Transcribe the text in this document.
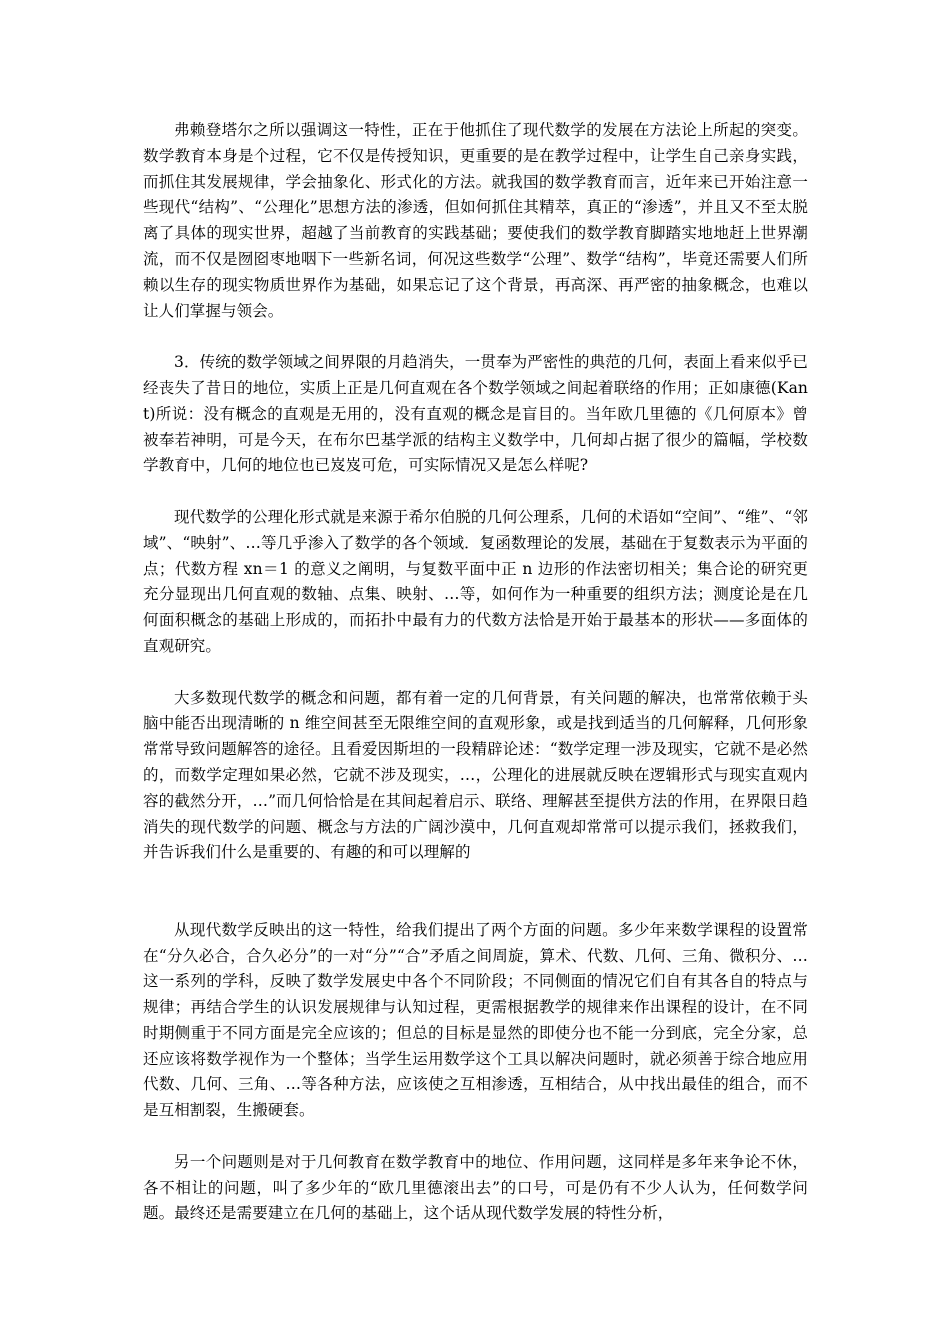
弗赖登塔尔之所以强调这一特性，正在于他抓住了现代数学的发展在方法论上所起的突变。数学教育本身是个过程，它不仅是传授知识，更重要的是在教学过程中，让学生自己亲身实践，而抓住其发展规律，学会抽象化、形式化的方法。就我国的数学教育而言，近年来已开始注意一些现代“结构”、“公理化”思想方法的渗透，但如何抓住其精萃，真正的“渗透”，并且又不至太脱离了具体的现实世界，超越了当前教育的实践基础；要使我们的数学教育脚踏实地地赶上世界潮流，而不仅是囫囵枣地咽下一些新名词，何况这些数学“公理”、数学“结构”，毕竟还需要人们所赖以生存的现实物质世界作为基础，如果忘记了这个背景，再高深、再严密的抽象概念，也难以让人们掌握与领会。

3．传统的数学领域之间界限的月趋消失，一贯奉为严密性的典范的几何，表面上看来似乎已经丧失了昔日的地位，实质上正是几何直观在各个数学领域之间起着联络的作用；正如康德(Kant)所说：没有概念的直观是无用的，没有直观的概念是盲目的。当年欧几里德的《几何原本》曾被奉若神明，可是今天，在布尔巴基学派的结构主义数学中，几何却占据了很少的篇幅，学校数学教育中，几何的地位也已岌岌可危，可实际情况又是怎么样呢?

现代数学的公理化形式就是来源于希尔伯脱的几何公理系，几何的术语如“空间”、“维”、“邻域”、“映射”、…等几乎渗入了数学的各个领域．复函数理论的发展，基础在于复数表示为平面的点；代数方程 xn＝1 的意义之阐明，与复数平面中正 n 边形的作法密切相关；集合论的研究更充分显现出几何直观的数轴、点集、映射、…等，如何作为一种重要的组织方法；测度论是在几何面积概念的基础上形成的，而拓扑中最有力的代数方法恰是开始于最基本的形状——多面体的直观研究。

大多数现代数学的概念和问题，都有着一定的几何背景，有关问题的解决，也常常依赖于头脑中能否出现清晰的 n 维空间甚至无限维空间的直观形象，或是找到适当的几何解释，几何形象常常导致问题解答的途径。且看爱因斯坦的一段精辟论述：“数学定理一涉及现实，它就不是必然的，而数学定理如果必然，它就不涉及现实，…，公理化的进展就反映在逻辑形式与现实直观内容的截然分开，…”而几何恰恰是在其间起着启示、联络、理解甚至提供方法的作用，在界限日趋消失的现代数学的问题、概念与方法的广阔沙漠中，几何直观却常常可以提示我们，拯救我们，并告诉我们什么是重要的、有趣的和可以理解的

从现代数学反映出的这一特性，给我们提出了两个方面的问题。多少年来数学课程的设置常在“分久必合，合久必分”的一对“分”“合”矛盾之间周旋，算术、代数、几何、三角、微积分、…这一系列的学科，反映了数学发展史中各个不同阶段；不同侧面的情况它们自有其各自的特点与规律；再结合学生的认识发展规律与认知过程，更需根据教学的规律来作出课程的设计，在不同时期侧重于不同方面是完全应该的；但总的目标是显然的即使分也不能一分到底，完全分家，总还应该将数学视作为一个整体；当学生运用数学这个工具以解决问题时，就必须善于综合地应用代数、几何、三角、…等各种方法，应该使之互相渗透，互相结合，从中找出最佳的组合，而不是互相割裂，生搬硬套。

另一个问题则是对于几何教育在数学教育中的地位、作用问题，这同样是多年来争论不休，各不相让的问题，叫了多少年的“欧几里德滚出去”的口号，可是仍有不少人认为，任何数学问题。最终还是需要建立在几何的基础上，这个话从现代数学发展的特性分析，
